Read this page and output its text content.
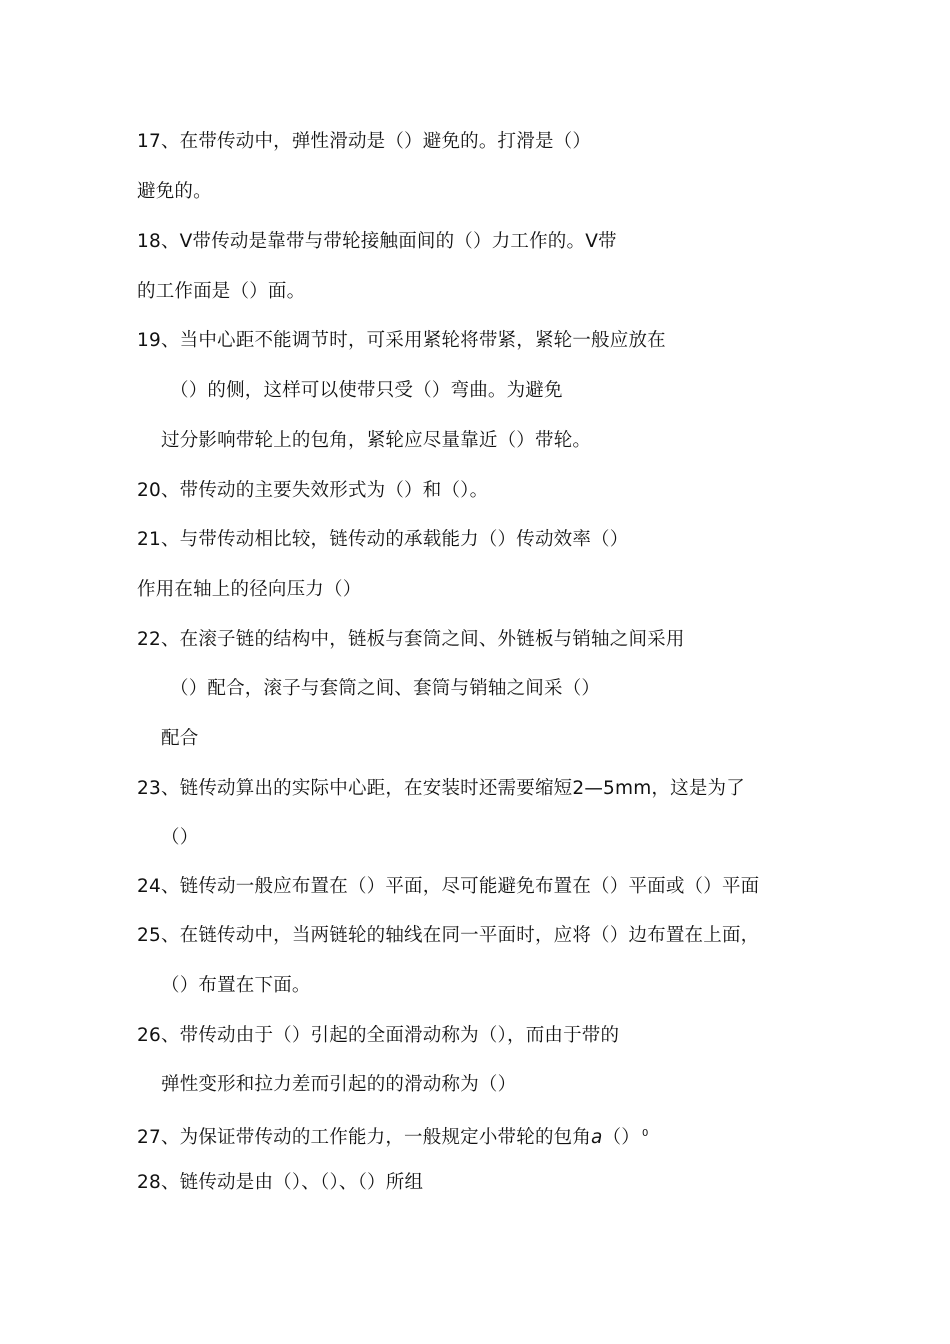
17、在带传动中，弹性滑动是（）避免的。打滑是（）
避免的。
18、V带传动是靠带与带轮接触面间的（）力工作的。V带
的工作面是（）面。
19、当中心距不能调节时，可采用紧轮将带紧，紧轮一般应放在
（）的侧，这样可以使带只受（）弯曲。为避免
过分影响带轮上的包角，紧轮应尽量靠近（）带轮。
20、带传动的主要失效形式为（）和（）。
21、与带传动相比较，链传动的承载能力（）传动效率（）
作用在轴上的径向压力（）
22、在滚子链的结构中，链板与套筒之间、外链板与销轴之间采用
（）配合，滚子与套筒之间、套筒与销轴之间采（）
配合
23、链传动算出的实际中心距，在安装时还需要缩短2—5mm，这是为了
（）
24、链传动一般应布置在（）平面，尽可能避免布置在（）平面或（）平面
25、在链传动中，当两链轮的轴线在同一平面时，应将（）边布置在上面，
（）布置在下面。
26、带传动由于（）引起的全面滑动称为（），而由于带的
弹性变形和拉力差而引起的的滑动称为（）
27、为保证带传动的工作能力，一般规定小带轮的包角a（） $^0$
28、链传动是由（）、（）、（）所组
